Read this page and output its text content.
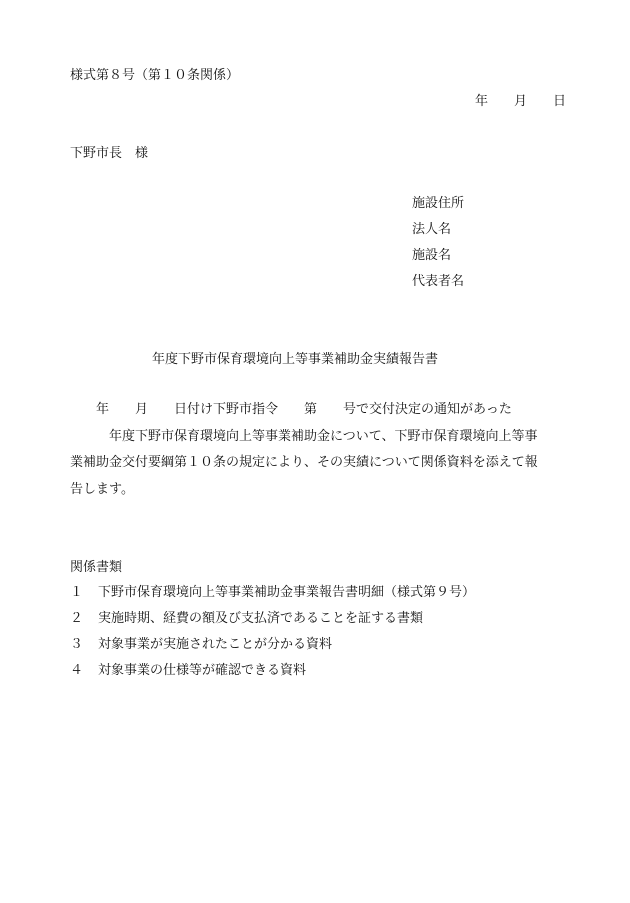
様式第８号（第１０条関係）

年　　月　　日

下野市長　様

施設住所
法人名
施設名
代表者名

年度下野市保育環境向上等事業補助金実績報告書

　　年　　月　　日付け下野市指令　　第　　号で交付決定の通知があった
　　　年度下野市保育環境向上等事業補助金について、下野市保育環境向上等事
業補助金交付要綱第１０条の規定により、その実績について関係資料を添えて報
告します。

関係書類

１	下野市保育環境向上等事業補助金事業報告書明細（様式第９号）
２	実施時期、経費の額及び支払済であることを証する書類
３	対象事業が実施されたことが分かる資料
４	対象事業の仕様等が確認できる資料
